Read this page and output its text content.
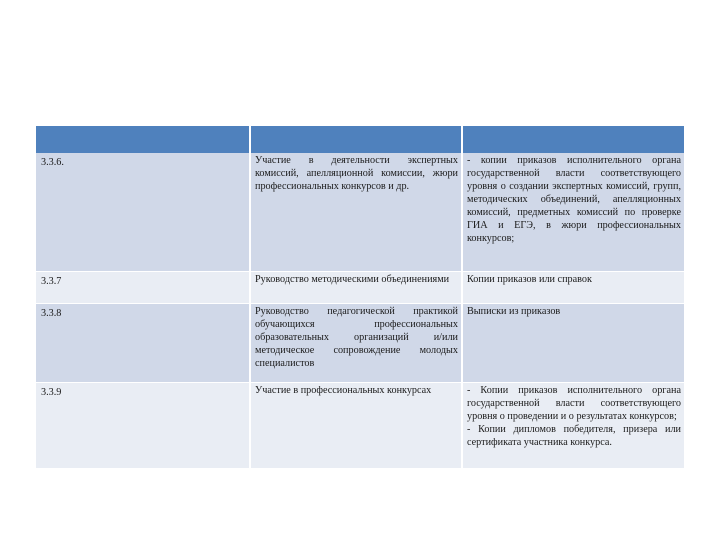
3.3.6.	Участие в деятельности экспертных комиссий, апелляционной комиссии, жюри профессиональных конкурсов и др.	- копии приказов исполнительного органа государственной власти соответствующего уровня о создании экспертных комиссий, групп, методических объединений, апелляционных комиссий, предметных комиссий по проверке ГИА и ЕГЭ, в жюри профессиональных конкурсов;
3.3.7	Руководство методическими объединениями	Копии приказов или справок
3.3.8	Руководство педагогической практикой обучающихся профессиональных образовательных организаций и/или методическое сопровождение молодых специалистов	Выписки из приказов
3.3.9	Участие в профессиональных конкурсах	- Копии приказов исполнительного органа государственной власти соответствующего уровня о проведении и о результатах конкурсов;
- Копии дипломов победителя, призера или сертификата участника конкурса.
